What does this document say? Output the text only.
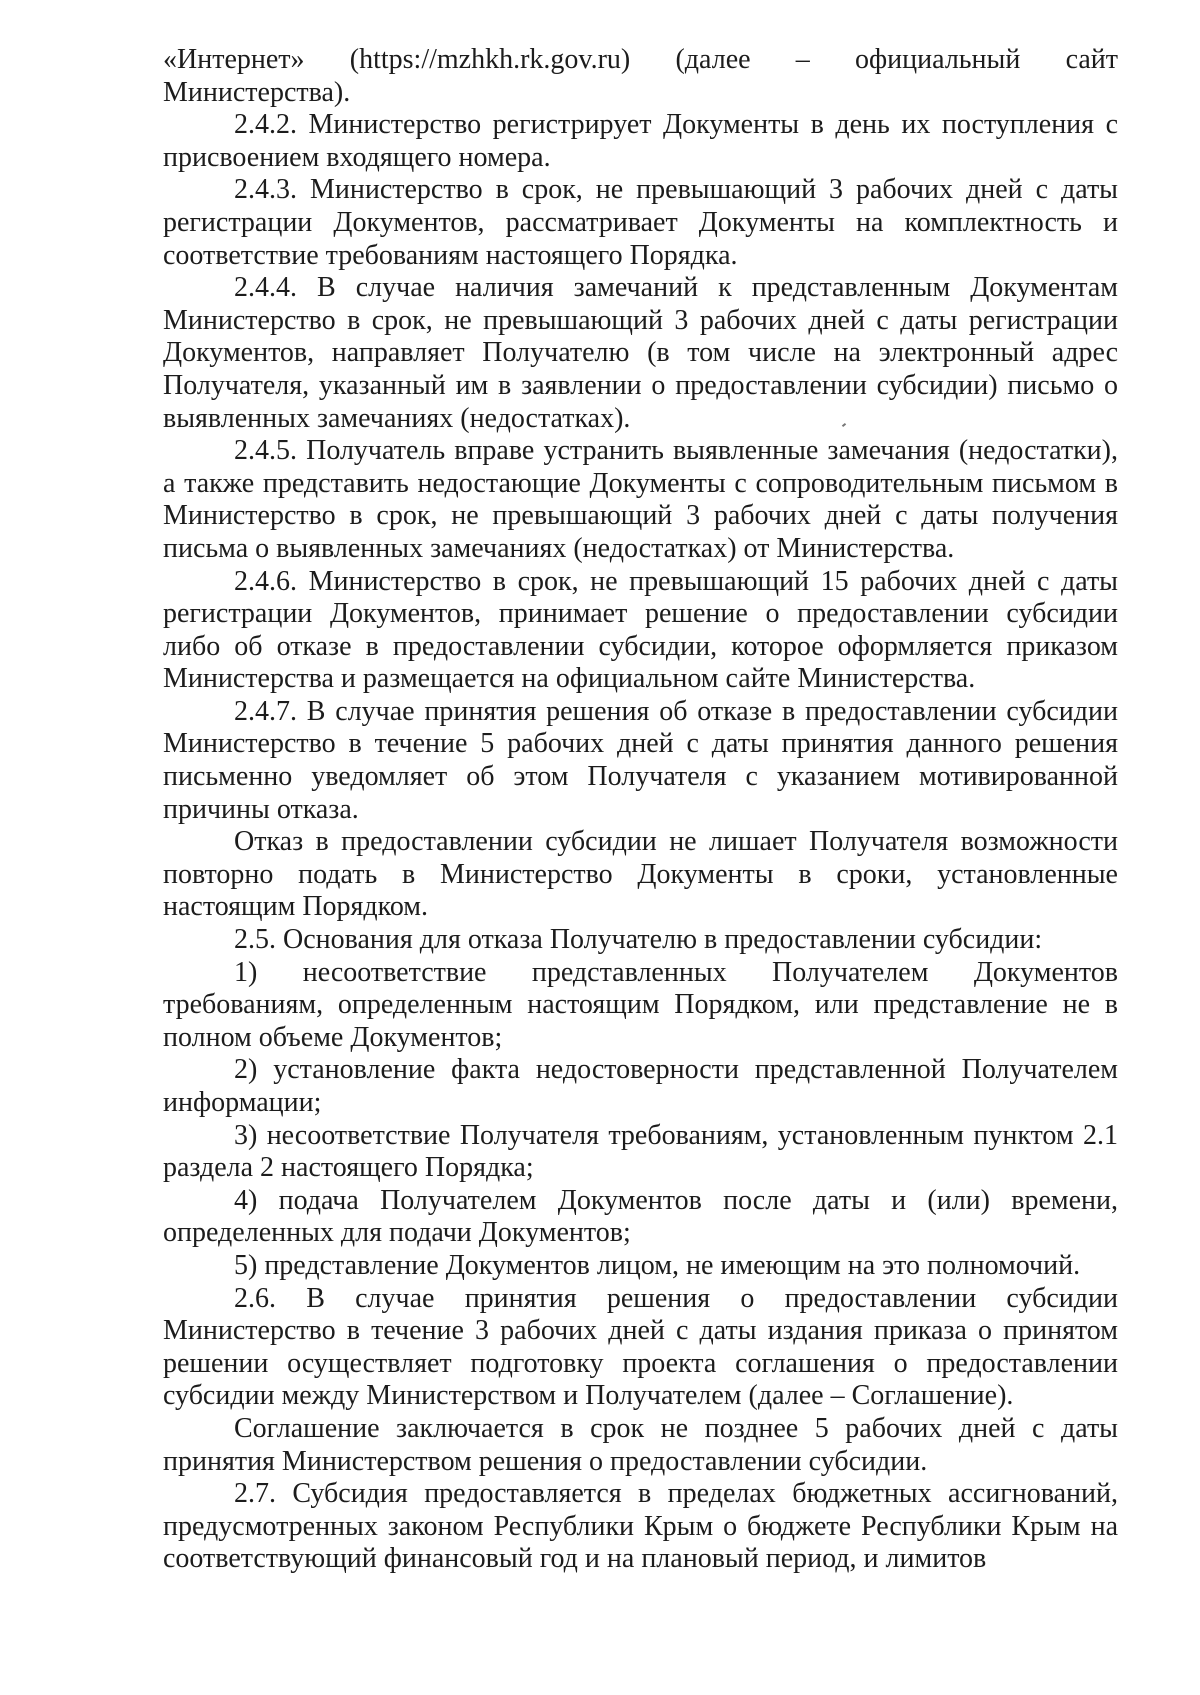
«Интернет» (https://mzhkh.rk.gov.ru) (далее – официальный сайт Министерства).

2.4.2. Министерство регистрирует Документы в день их поступления с присвоением входящего номера.

2.4.3. Министерство в срок, не превышающий 3 рабочих дней с даты регистрации Документов, рассматривает Документы на комплектность и соответствие требованиям настоящего Порядка.

2.4.4. В случае наличия замечаний к представленным Документам Министерство в срок, не превышающий 3 рабочих дней с даты регистрации Документов, направляет Получателю (в том числе на электронный адрес Получателя, указанный им в заявлении о предоставлении субсидии) письмо о выявленных замечаниях (недостатках).

2.4.5. Получатель вправе устранить выявленные замечания (недостатки), а также представить недостающие Документы с сопроводительным письмом в Министерство в срок, не превышающий 3 рабочих дней с даты получения письма о выявленных замечаниях (недостатках) от Министерства.

2.4.6. Министерство в срок, не превышающий 15 рабочих дней с даты регистрации Документов, принимает решение о предоставлении субсидии либо об отказе в предоставлении субсидии, которое оформляется приказом Министерства и размещается на официальном сайте Министерства.

2.4.7. В случае принятия решения об отказе в предоставлении субсидии Министерство в течение 5 рабочих дней с даты принятия данного решения письменно уведомляет об этом Получателя с указанием мотивированной причины отказа.

Отказ в предоставлении субсидии не лишает Получателя возможности повторно подать в Министерство Документы в сроки, установленные настоящим Порядком.

2.5. Основания для отказа Получателю в предоставлении субсидии:

1) несоответствие представленных Получателем Документов требованиям, определенным настоящим Порядком, или представление не в полном объеме Документов;

2) установление факта недостоверности представленной Получателем информации;

3) несоответствие Получателя требованиям, установленным пунктом 2.1 раздела 2 настоящего Порядка;

4) подача Получателем Документов после даты и (или) времени, определенных для подачи Документов;

5) представление Документов лицом, не имеющим на это полномочий.

2.6. В случае принятия решения о предоставлении субсидии Министерство в течение 3 рабочих дней с даты издания приказа о принятом решении осуществляет подготовку проекта соглашения о предоставлении субсидии между Министерством и Получателем (далее – Соглашение).

Соглашение заключается в срок не позднее 5 рабочих дней с даты принятия Министерством решения о предоставлении субсидии.

2.7. Субсидия предоставляется в пределах бюджетных ассигнований, предусмотренных законом Республики Крым о бюджете Республики Крым на соответствующий финансовый год и на плановый период, и лимитов
